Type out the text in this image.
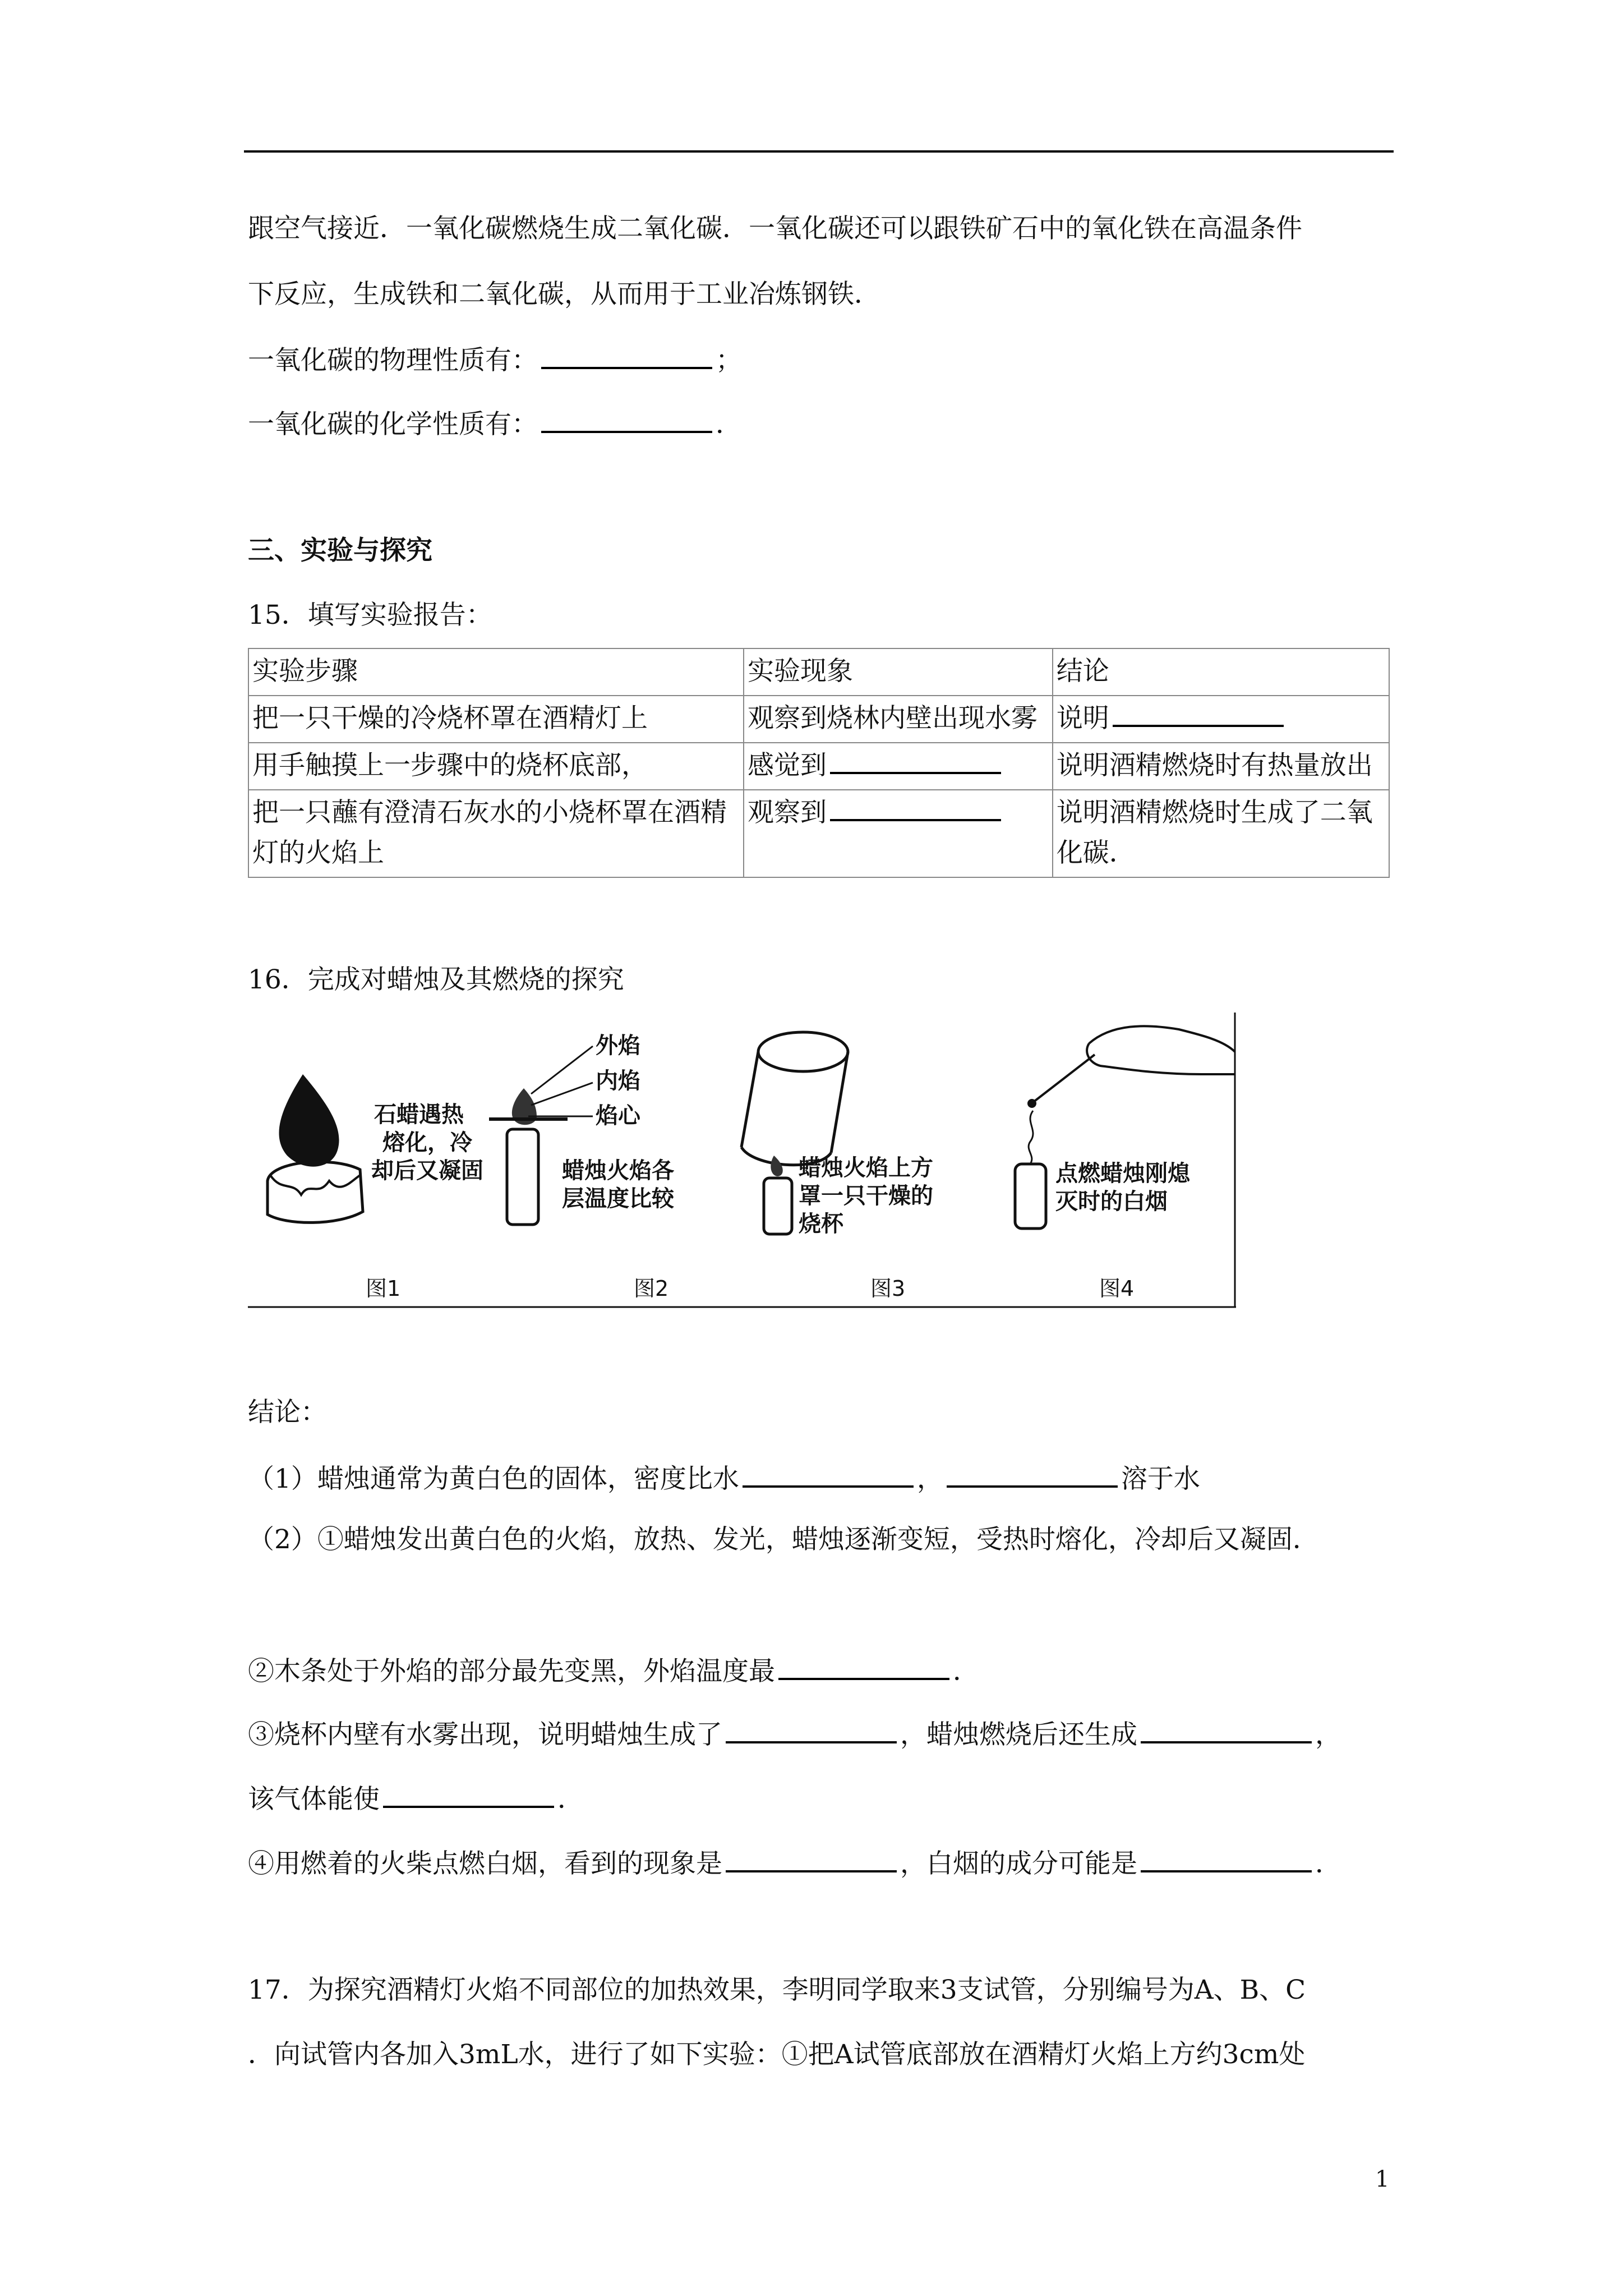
跟空气接近．一氧化碳燃烧生成二氧化碳．一氧化碳还可以跟铁矿石中的氧化铁在高温条件
下反应，生成铁和二氧化碳，从而用于工业冶炼钢铁．
一氧化碳的物理性质有：	；
一氧化碳的化学性质有：	．
三、实验与探究
15．填写实验报告：
实验步骤	实验现象	结论
把一只干燥的冷烧杯罩在酒精灯上	观察到烧林内壁出现水雾	说明
用手触摸上一步骤中的烧杯底部，	感觉到	说明酒精燃烧时有热量放出
把一只蘸有澄清石灰水的小烧杯罩在酒精灯的火焰上	观察到	说明酒精燃烧时生成了二氧化碳．
16．完成对蜡烛及其燃烧的探究
石蜡遇热
熔化，冷
却后又凝固
外焰
内焰
焰心
蜡烛火焰各
层温度比较
蜡烛火焰上方
罩一只干燥的
烧杯
点燃蜡烛刚熄
灭时的白烟
图1	图2	图3	图4
结论：
（1）蜡烛通常为黄白色的固体，密度比水	，	溶于水
（2）①蜡烛发出黄白色的火焰，放热、发光，蜡烛逐渐变短，受热时熔化，冷却后又凝固．
②木条处于外焰的部分最先变黑，外焰温度最	．
③烧杯内壁有水雾出现，说明蜡烛生成了	，蜡烛燃烧后还生成	，
该气体能使	．
④用燃着的火柴点燃白烟，看到的现象是	，白烟的成分可能是	．
17．为探究酒精灯火焰不同部位的加热效果，李明同学取来3支试管，分别编号为A、B、C
．向试管内各加入3mL水，进行了如下实验：①把A试管底部放在酒精灯火焰上方约3cm处
1
